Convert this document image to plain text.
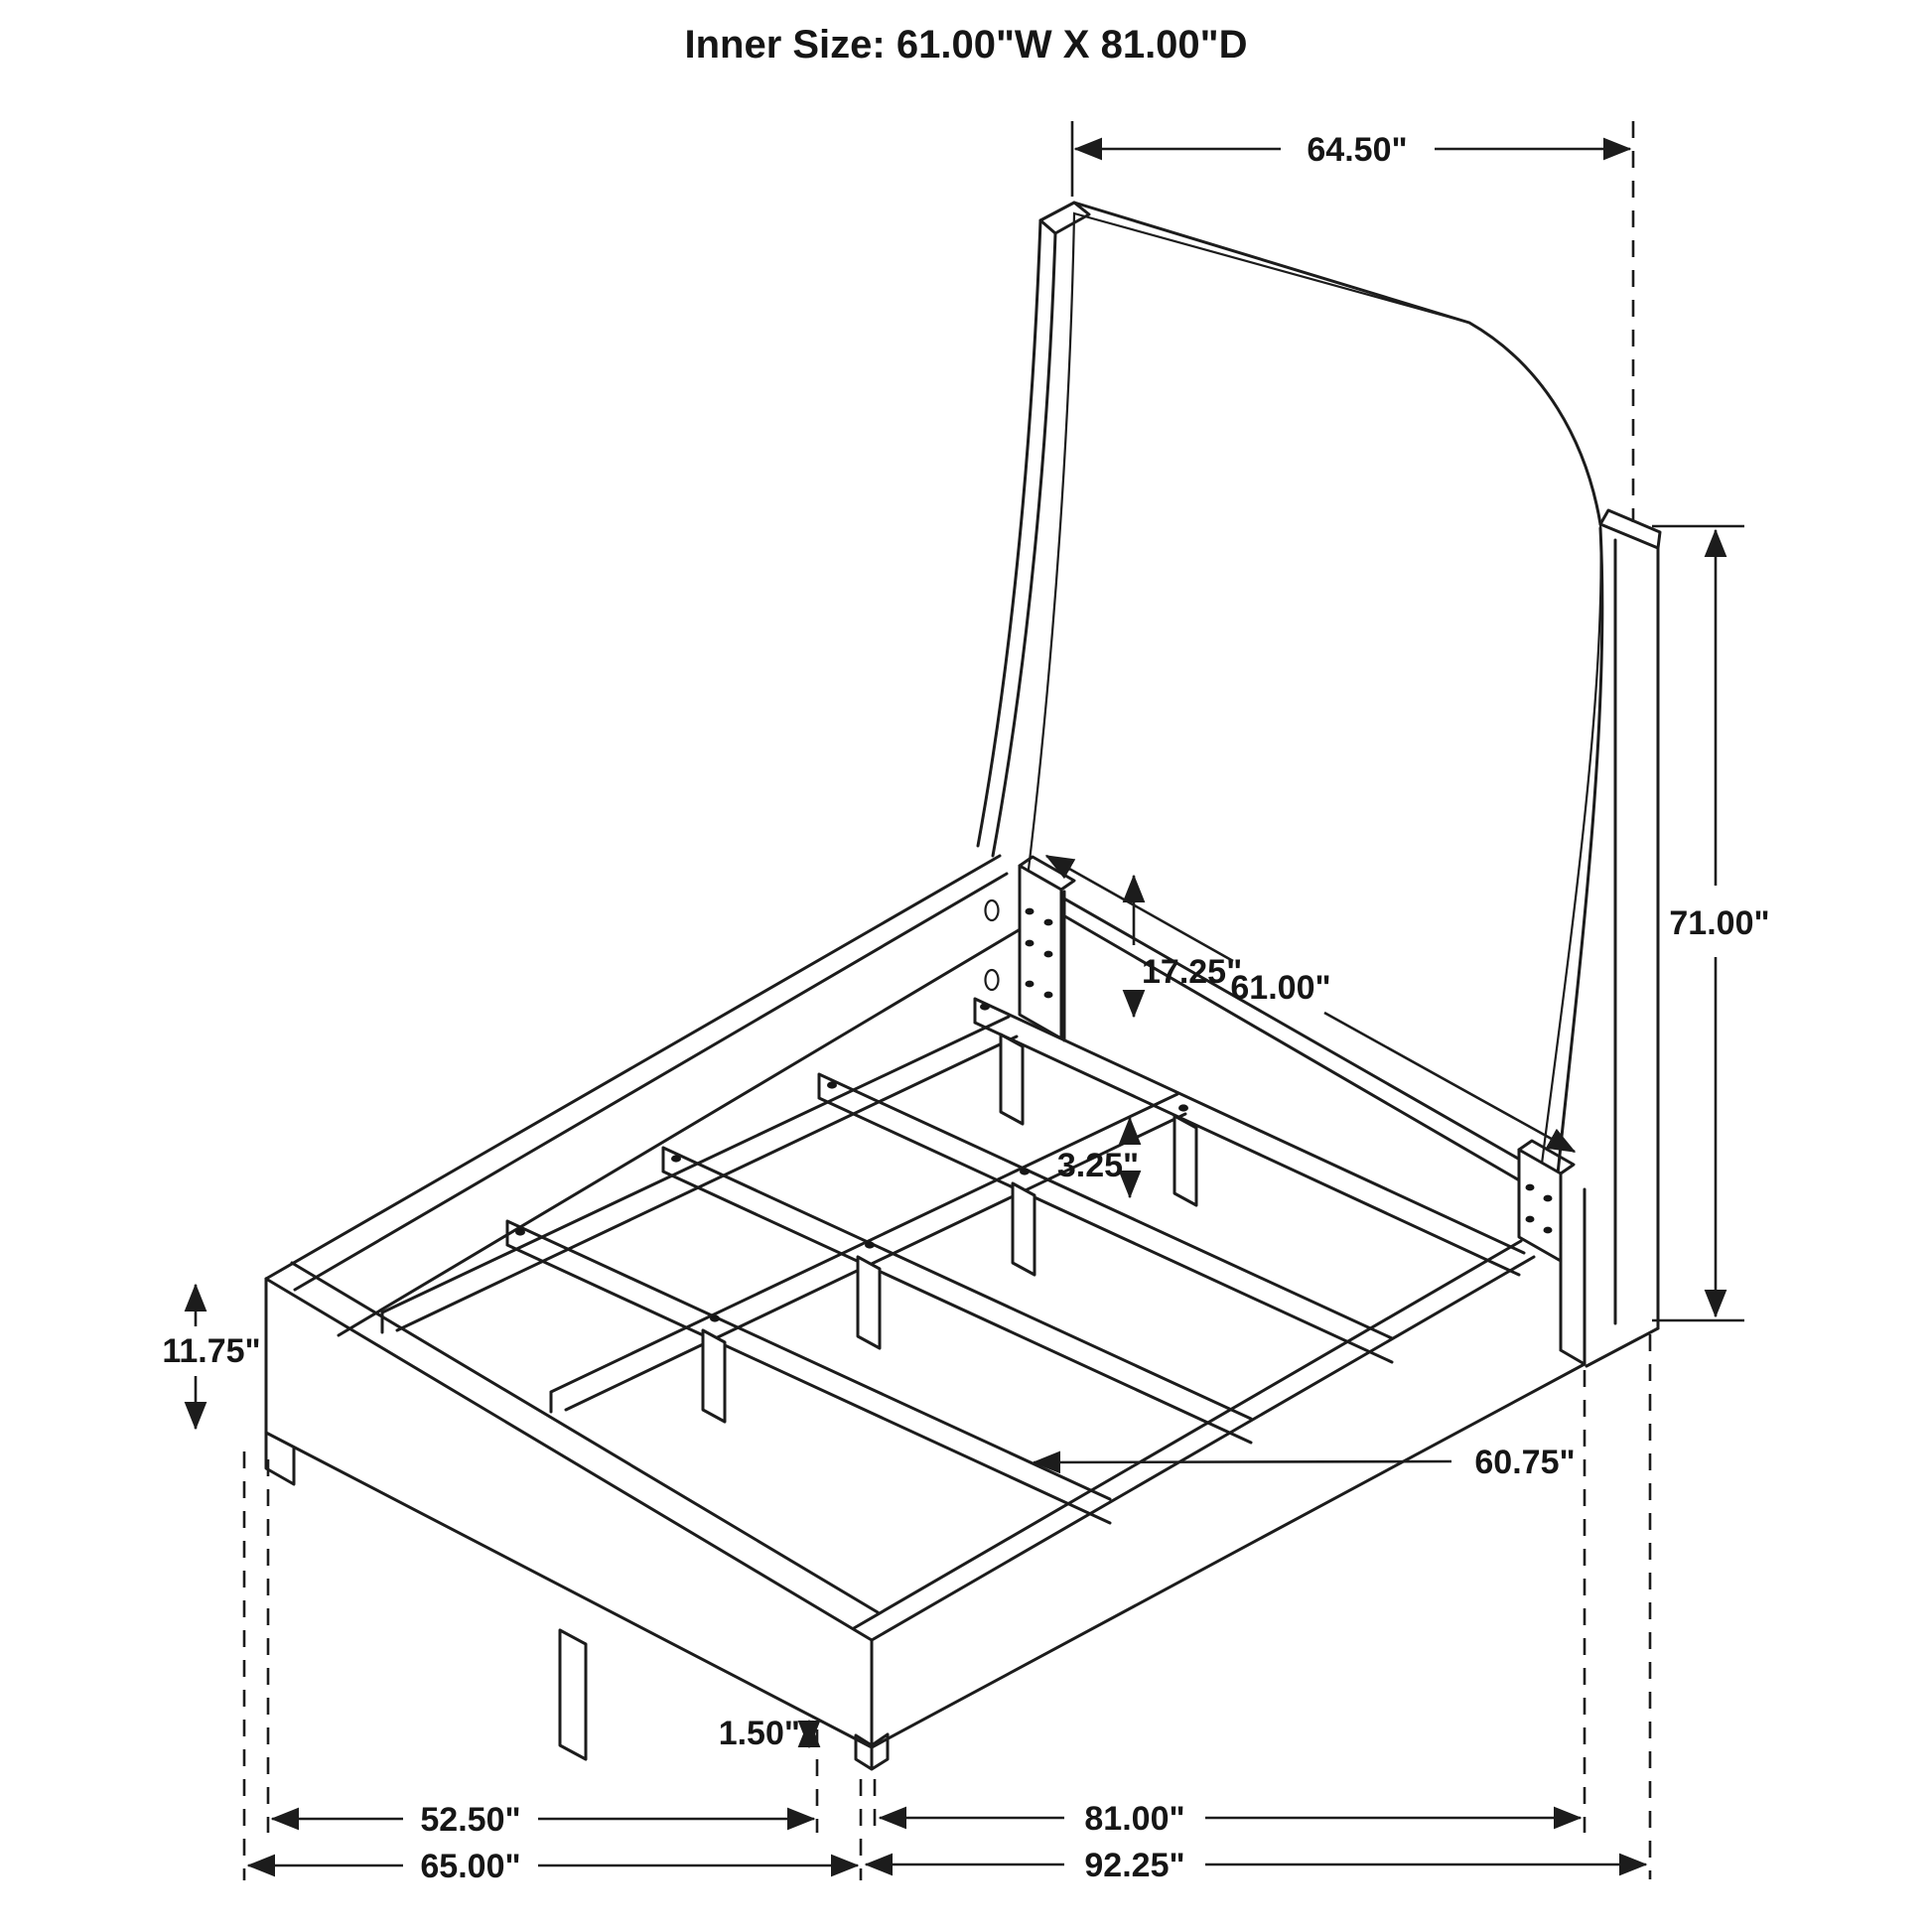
64.50"
71.00"
17.25"
61.00"
3.25"
11.75"
1.50"
60.75"
52.50"
65.00"
81.00"
92.25"
Inner Size: 61.00"W X 81.00"D
